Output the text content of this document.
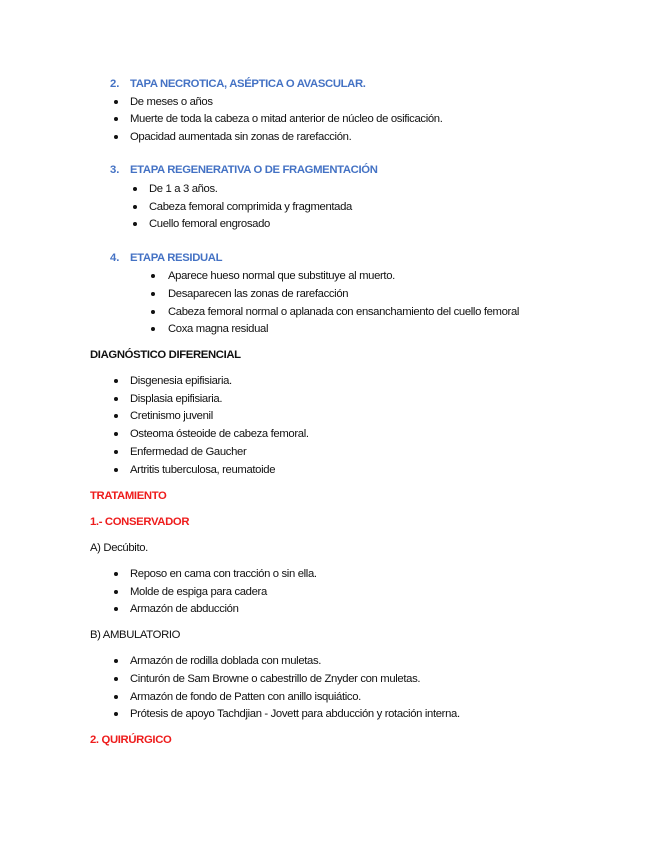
2. TAPA NECROTICA, ASÉPTICA O AVASCULAR.
De meses o años
Muerte de toda la cabeza o mitad anterior de núcleo de osificación.
Opacidad aumentada sin zonas de rarefacción.
3. ETAPA REGENERATIVA O DE FRAGMENTACIÓN
De 1 a 3 años.
Cabeza femoral comprimida y fragmentada
Cuello femoral engrosado
4. ETAPA RESIDUAL
Aparece hueso normal que substituye al muerto.
Desaparecen las zonas de rarefacción
Cabeza femoral normal o aplanada con ensanchamiento del cuello femoral
Coxa magna residual
DIAGNÓSTICO DIFERENCIAL
Disgenesia epifisiaria.
Displasia epifisiaria.
Cretinismo juvenil
Osteoma ósteoide de cabeza femoral.
Enfermedad de Gaucher
Artritis tuberculosa, reumatoide
TRATAMIENTO
1.- CONSERVADOR
A) Decúbito.
Reposo en cama con tracción o sin ella.
Molde de espiga para cadera
Armazón de abducción
B) AMBULATORIO
Armazón de rodilla doblada con muletas.
Cinturón de Sam Browne o cabestrillo de Znyder con muletas.
Armazón de fondo de Patten con anillo isquiático.
Prótesis de apoyo Tachdjian - Jovett para abducción y rotación interna.
2. QUIRÚRGICO
